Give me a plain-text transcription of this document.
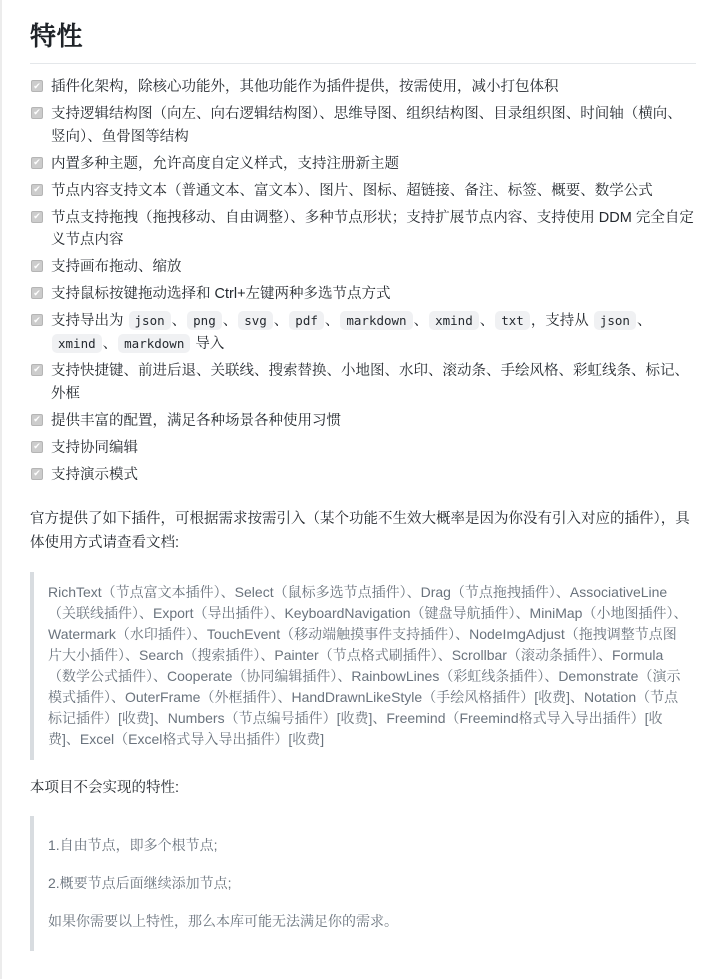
特性
✔
插件化架构，除核心功能外，其他功能作为插件提供，按需使用，减小打包体积
✔
支持逻辑结构图（向左、向右逻辑结构图）、思维导图、组织结构图、目录组织图、时间轴（横向、竖向）、鱼骨图等结构
✔
内置多种主题，允许高度自定义样式，支持注册新主题
✔
节点内容支持文本（普通文本、富文本）、图片、图标、超链接、备注、标签、概要、数学公式
✔
节点支持拖拽（拖拽移动、自由调整）、多种节点形状；支持扩展节点内容、支持使用 DDM 完全自定义节点内容
✔
支持画布拖动、缩放
✔
支持鼠标按键拖动选择和 Ctrl+左键两种多选节点方式
✔
支持导出为 json 、 png 、 svg 、 pdf 、 markdown 、 xmind 、 txt ，支持从 json 、xmind 、 markdown 导入
✔
支持快捷键、前进后退、关联线、搜索替换、小地图、水印、滚动条、手绘风格、彩虹线条、标记、外框
✔
提供丰富的配置，满足各种场景各种使用习惯
✔
支持协同编辑
✔
支持演示模式

官方提供了如下插件，可根据需求按需引入（某个功能不生效大概率是因为你没有引入对应的插件），具体使用方式请查看文档:

RichText（节点富文本插件）、Select（鼠标多选节点插件）、Drag（节点拖拽插件）、AssociativeLine（关联线插件）、Export（导出插件）、KeyboardNavigation（键盘导航插件）、MiniMap（小地图插件）、Watermark（水印插件）、TouchEvent（移动端触摸事件支持插件）、NodeImgAdjust（拖拽调整节点图片大小插件）、Search（搜索插件）、Painter（节点格式刷插件）、Scrollbar（滚动条插件）、Formula（数学公式插件）、Cooperate（协同编辑插件）、RainbowLines（彩虹线条插件）、Demonstrate（演示模式插件）、OuterFrame（外框插件）、HandDrawnLikeStyle（手绘风格插件）[收费]、Notation（节点标记插件）[收费]、Numbers（节点编号插件）[收费]、Freemind（Freemind格式导入导出插件）[收费]、Excel（Excel格式导入导出插件）[收费]

本项目不会实现的特性:

1.自由节点，即多个根节点;

2.概要节点后面继续添加节点;

如果你需要以上特性，那么本库可能无法满足你的需求。
